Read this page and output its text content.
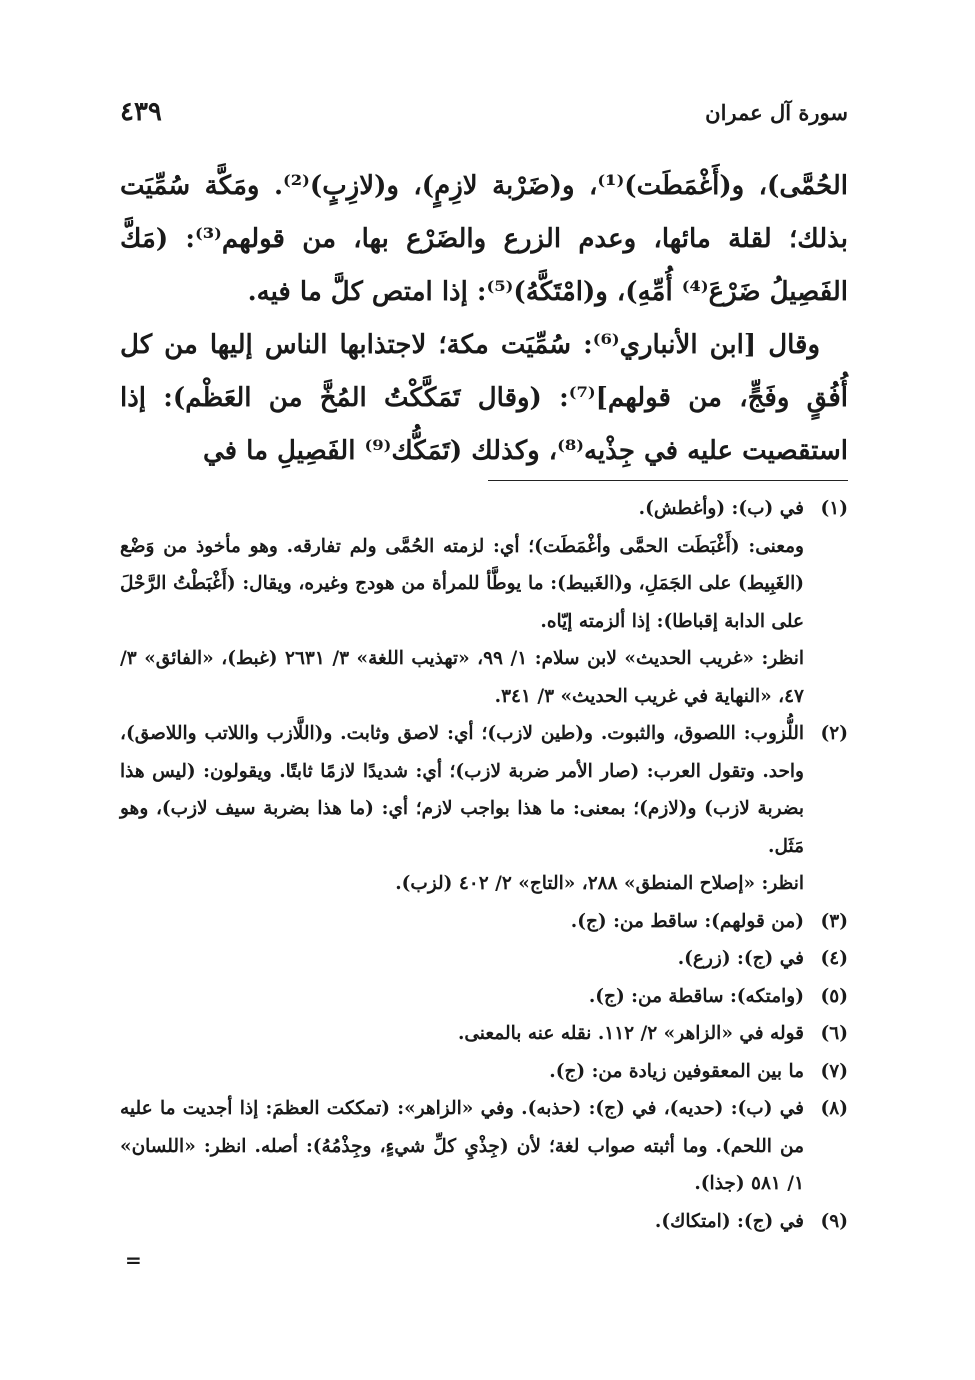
سورة آل عمران
٤٣٩

الحُمَّى)، و(أَغْمَطَت)⁽¹⁾، و(ضَرْبة لازِمٍ)، و(لازِبٍ)⁽²⁾. ومَكَّة سُمِّيَت بذلك؛ لقلة مائها، وعدم الزرع والضَرْع بها، من قولهم⁽³⁾: (مَكَّ الفَصِيلُ ضَرْعَ⁽⁴⁾ أُمِّهِ)، و(امْتَكَّهُ)⁽⁵⁾: إذا امتص كلَّ ما فيه.

وقال [ابن الأنباري⁽⁶⁾: سُمِّيَت مكة؛ لاجتذابها الناس إليها من كل أُفُقٍ وفَجٍّ، من قولهم]⁽⁷⁾: (وقال تَمَكَّكْتُ المُخَّ من العَظْم): إذا استقصيت عليه في جِذْيه⁽⁸⁾، وكذلك (تَمَكُّك⁽⁹⁾ الفَصِيلِ ما في

(١)

في (ب): (وأغطش).

ومعنى: (أَغْبَطَت الحمَّى وأغْمَطَت)؛ أي: لزمته الحُمَّى ولم تفارقه. وهو مأخوذ من وَضْع (الغَبِيط) على الجَمَلِ، و(الغَبيط): ما يوطَّأ للمرأة من هودج وغيره، ويقال: (أَغْبَطْتُ الرَّحْلَ على الدابة إقباطا): إذا ألزمته إيّاه.

انظر: «غريب الحديث» لابن سلام: ١/ ٩٩، «تهذيب اللغة» ٣/ ٢٦٣١ (غبط)، «الفائق» ٣/ ٤٧، «النهاية في غريب الحديث» ٣/ ٣٤١.

(٢)

اللُّزوب: اللصوق، والثبوت. و(طين لازب)؛ أي: لاصق وثابت. و(اللَّازب واللاتب واللاصق)، واحد. وتقول العرب: (صار الأمر ضربة لازب)؛ أي: شديدًا لازمًا ثابتًا. ويقولون: (ليس هذا بضربة لازب) و(لازم)؛ بمعنى: ما هذا بواجب لازم؛ أي: (ما هذا بضربة سيف لازب)، وهو مَثَل.

انظر: «إصلاح المنطق» ٢٨٨، «التاج» ٢/ ٤٠٢ (لزب).

(٣)

(من قولهم): ساقط من: (ج).

(٤)

في (ج): (زرع).

(٥)

(وامتكه): ساقطة من: (ج).

(٦)

قوله في «الزاهر» ٢/ ١١٢. نقله عنه بالمعنى.

(٧)

ما بين المعقوفين زيادة من: (ج).

(٨)

في (ب): (حديه)، في (ج): (حذبه). وفي «الزاهر»: (تمككت العظمَ: إذا أجديت ما عليه من اللحم). وما أثبته صواب لغة؛ لأن (جِذْيِ كلِّ شيءٍ، وجِذْمُهُ): أصله. انظر: «اللسان» ١/ ٥٨١ (جذا).

(٩)

في (ج): (امتكاك).

=
